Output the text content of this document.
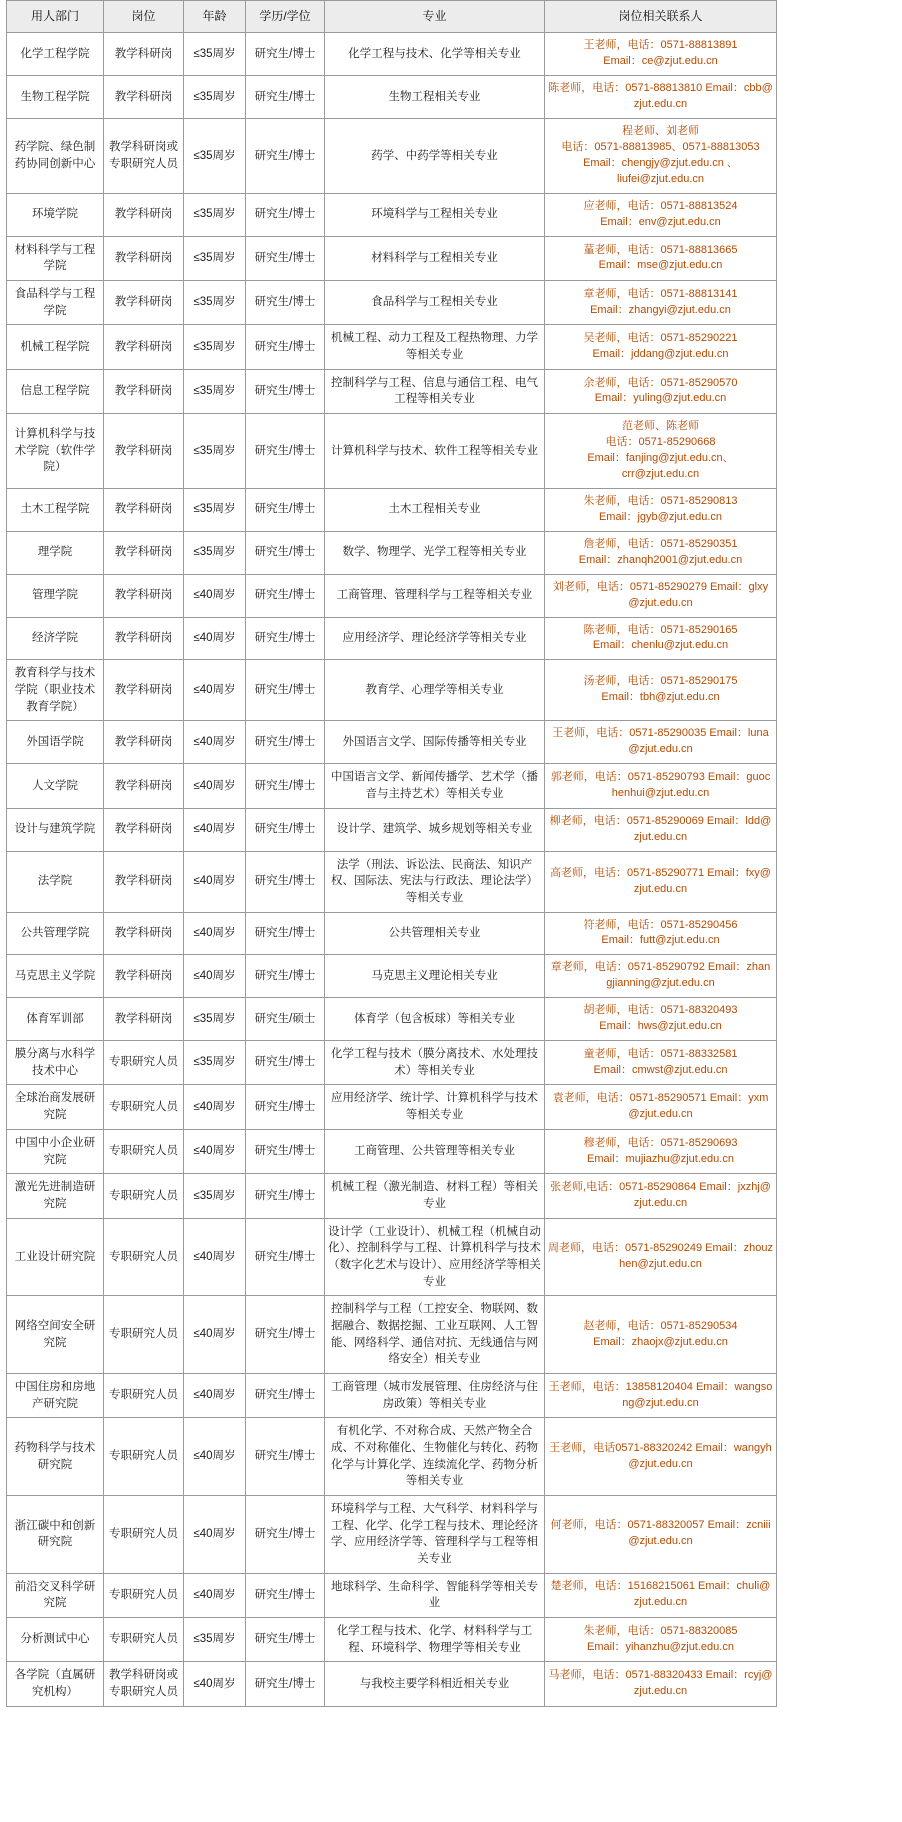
用人部门	岗位	年龄	学历/学位	专业	岗位相关联系人
化学工程学院	教学科研岗	≤35周岁	研究生/博士	化学工程与技术、化学等相关专业	王老师，电话：0571-88813891
Email：ce@zjut.edu.cn
生物工程学院	教学科研岗	≤35周岁	研究生/博士	生物工程相关专业	陈老师，电话：0571-88813810 Email：cbb@zjut.edu.cn
药学院、绿色制药协同创新中心	教学科研岗或专职研究人员	≤35周岁	研究生/博士	药学、中药学等相关专业	程老师、刘老师
电话：0571-88813985、0571-88813053
Email：chengjy@zjut.edu.cn 、
liufei@zjut.edu.cn
环境学院	教学科研岗	≤35周岁	研究生/博士	环境科学与工程相关专业	应老师，电话：0571-88813524
Email：env@zjut.edu.cn
材料科学与工程学院	教学科研岗	≤35周岁	研究生/博士	材料科学与工程相关专业	蓳老师，电话：0571-88813665
Email：mse@zjut.edu.cn
食品科学与工程学院	教学科研岗	≤35周岁	研究生/博士	食品科学与工程相关专业	章老师，电话：0571-88813141
Email：zhangyi@zjut.edu.cn
机械工程学院	教学科研岗	≤35周岁	研究生/博士	机械工程、动力工程及工程热物理、力学等相关专业	吴老师，电话：0571-85290221
Email：jddang@zjut.edu.cn
信息工程学院	教学科研岗	≤35周岁	研究生/博士	控制科学与工程、信息与通信工程、电气工程等相关专业	余老师，电话：0571-85290570
Email：yuling@zjut.edu.cn
计算机科学与技术学院（软件学院）	教学科研岗	≤35周岁	研究生/博士	计算机科学与技术、软件工程等相关专业	范老师、陈老师
电话：0571-85290668
Email：fanjing@zjut.edu.cn、
crr@zjut.edu.cn
土木工程学院	教学科研岗	≤35周岁	研究生/博士	土木工程相关专业	朱老师，电话：0571-85290813
Email：jgyb@zjut.edu.cn
理学院	教学科研岗	≤35周岁	研究生/博士	数学、物理学、光学工程等相关专业	詹老师，电话：0571-85290351
Email：zhanqh2001@zjut.edu.cn
管理学院	教学科研岗	≤40周岁	研究生/博士	工商管理、管理科学与工程等相关专业	刘老师，电话：0571-85290279 Email：glxy@zjut.edu.cn
经济学院	教学科研岗	≤40周岁	研究生/博士	应用经济学、理论经济学等相关专业	陈老师，电话：0571-85290165
Email：chenlu@zjut.edu.cn
教育科学与技术学院（职业技术教育学院）	教学科研岗	≤40周岁	研究生/博士	教育学、心理学等相关专业	汤老师，电话：0571-85290175
Email：tbh@zjut.edu.cn
外国语学院	教学科研岗	≤40周岁	研究生/博士	外国语言文学、国际传播等相关专业	王老师，电话：0571-85290035 Email：luna@zjut.edu.cn
人文学院	教学科研岗	≤40周岁	研究生/博士	中国语言文学、新闻传播学、艺术学（播音与主持艺术）等相关专业	郭老师，电话：0571-85290793 Email：guochenhui@zjut.edu.cn
设计与建筑学院	教学科研岗	≤40周岁	研究生/博士	设计学、建筑学、城乡规划等相关专业	柳老师，电话：0571-85290069 Email：ldd@zjut.edu.cn
法学院	教学科研岗	≤40周岁	研究生/博士	法学（刑法、诉讼法、民商法、知识产权、国际法、宪法与行政法、理论法学）等相关专业	高老师，电话：0571-85290771 Email：fxy@zjut.edu.cn
公共管理学院	教学科研岗	≤40周岁	研究生/博士	公共管理相关专业	符老师，电话：0571-85290456
Email：futt@zjut.edu.cn
马克思主义学院	教学科研岗	≤40周岁	研究生/博士	马克思主义理论相关专业	章老师，电话：0571-85290792 Email：zhangjianning@zjut.edu.cn
体育军训部	教学科研岗	≤35周岁	研究生/硕士	体育学（包含板球）等相关专业	胡老师，电话：0571-88320493
Email：hws@zjut.edu.cn
膜分离与水科学技术中心	专职研究人员	≤35周岁	研究生/博士	化学工程与技术（膜分离技术、水处理技术）等相关专业	童老师，电话：0571-88332581
Email：cmwst@zjut.edu.cn
全球治商发展研究院	专职研究人员	≤40周岁	研究生/博士	应用经济学、统计学、计算机科学与技术等相关专业	袁老师，电话：0571-85290571 Email：yxm@zjut.edu.cn
中国中小企业研究院	专职研究人员	≤40周岁	研究生/博士	工商管理、公共管理等相关专业	穆老师，电话：0571-85290693
Email：mujiazhu@zjut.edu.cn
激光先进制造研究院	专职研究人员	≤35周岁	研究生/博士	机械工程（激光制造、材料工程）等相关专业	张老师,电话：0571-85290864 Email：jxzhj@zjut.edu.cn
工业设计研究院	专职研究人员	≤40周岁	研究生/博士	设计学（工业设计）、机械工程（机械自动化）、控制科学与工程、计算机科学与技术（数字化艺术与设计）、应用经济学等相关专业	周老师，电话：0571-85290249 Email：zhouzhen@zjut.edu.cn
网络空间安全研究院	专职研究人员	≤40周岁	研究生/博士	控制科学与工程（工控安全、物联网、数据融合、数据挖掘、工业互联网、人工智能、网络科学、通信对抗、无线通信与网络安全）相关专业	赵老师，电话：0571-85290534
Email：zhaojx@zjut.edu.cn
中国住房和房地产研究院	专职研究人员	≤40周岁	研究生/博士	工商管理（城市发展管理、住房经济与住房政策）等相关专业	王老师，电话：13858120404 Email：wangsong@zjut.edu.cn
药物科学与技术研究院	专职研究人员	≤40周岁	研究生/博士	有机化学、不对称合成、天然产物全合成、不对称催化、生物催化与转化、药物化学与计算化学、连续流化学、药物分析等相关专业	王老师，电话0571-88320242 Email：wangyh@zjut.edu.cn
浙江碳中和创新研究院	专职研究人员	≤40周岁	研究生/博士	环境科学与工程、大气科学、材料科学与工程、化学、化学工程与技术、理论经济学、应用经济学等、管理科学与工程等相关专业	何老师，电话：0571-88320057 Email：zcniii@zjut.edu.cn
前沿交叉科学研究院	专职研究人员	≤40周岁	研究生/博士	地球科学、生命科学、智能科学等相关专业	楚老师，电话：15168215061 Email：chuli@zjut.edu.cn
分析测试中心	专职研究人员	≤35周岁	研究生/博士	化学工程与技术、化学、材料科学与工程、环境科学、物理学等相关专业	朱老师，电话：0571-88320085
Email：yihanzhu@zjut.edu.cn
各学院（直属研究机构）	教学科研岗或专职研究人员	≤40周岁	研究生/博士	与我校主要学科相近相关专业	马老师，电话：0571-88320433 Email：rcyj@zjut.edu.cn
